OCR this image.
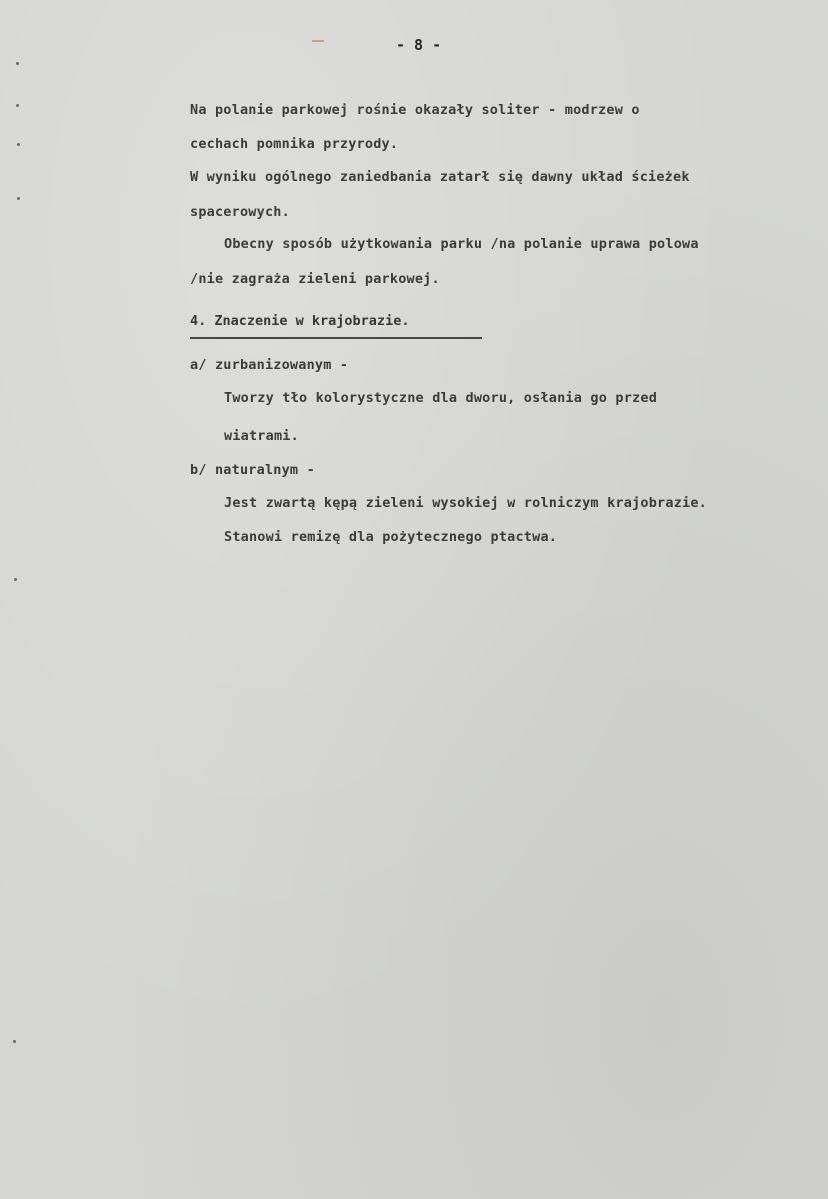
- 8 -
Na polanie parkowej rośnie okazały soliter - modrzew o
cechach pomnika przyrody.
W wyniku ogólnego zaniedbania zatarł się dawny układ ścieżek
spacerowych.
Obecny sposób użytkowania parku /na polanie uprawa polowa
/nie zagraża zieleni parkowej.
4. Znaczenie w krajobrazie.
a/ zurbanizowanym -
Tworzy tło kolorystyczne dla dworu, osłania go przed
wiatrami.
b/ naturalnym -
Jest zwartą kępą zieleni wysokiej w rolniczym krajobrazie.
Stanowi remizę dla pożytecznego ptactwa.
